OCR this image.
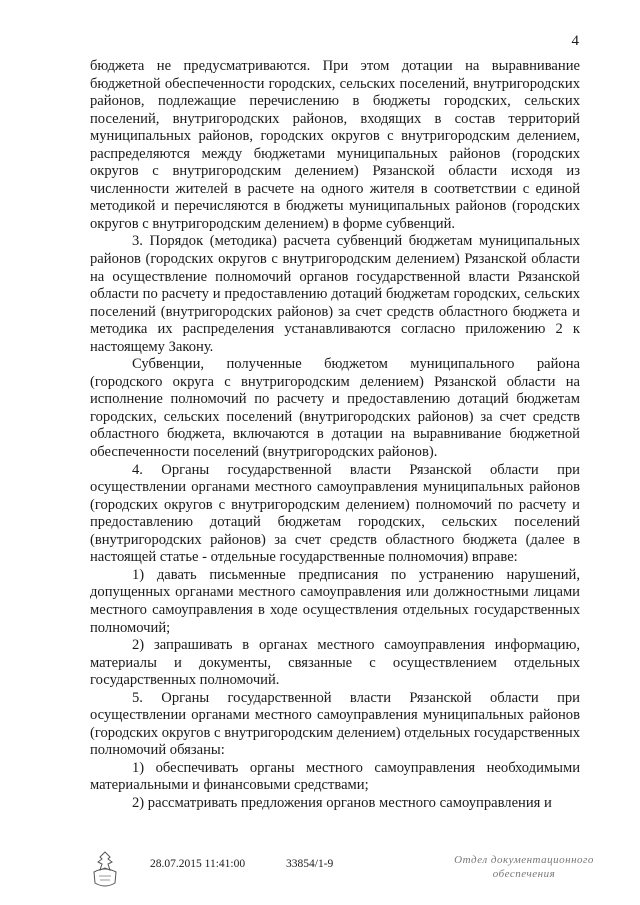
4

бюджета не предусматриваются. При этом дотации на выравнивание бюджетной обеспеченности городских, сельских поселений, внутригородских районов, подлежащие перечислению в бюджеты городских, сельских поселений, внутригородских районов, входящих в состав территорий муниципальных районов, городских округов с внутригородским делением, распределяются между бюджетами муниципальных районов (городских округов с внутригородским делением) Рязанской области исходя из численности жителей в расчете на одного жителя в соответствии с единой методикой и перечисляются в бюджеты муниципальных районов (городских округов с внутригородским делением) в форме субвенций.

3. Порядок (методика) расчета субвенций бюджетам муниципальных районов (городских округов с внутригородским делением) Рязанской области на осуществление полномочий органов государственной власти Рязанской области по расчету и предоставлению дотаций бюджетам городских, сельских поселений (внутригородских районов) за счет средств областного бюджета и методика их распределения устанавливаются согласно приложению 2 к настоящему Закону.

Субвенции, полученные бюджетом муниципального района (городского округа с внутригородским делением) Рязанской области на исполнение полномочий по расчету и предоставлению дотаций бюджетам городских, сельских поселений (внутригородских районов) за счет средств областного бюджета, включаются в дотации на выравнивание бюджетной обеспеченности поселений (внутригородских районов).

4. Органы государственной власти Рязанской области при осуществлении органами местного самоуправления муниципальных районов (городских округов с внутригородским делением) полномочий по расчету и предоставлению дотаций бюджетам городских, сельских поселений (внутригородских районов) за счет средств областного бюджета (далее в настоящей статье - отдельные государственные полномочия) вправе:

1) давать письменные предписания по устранению нарушений, допущенных органами местного самоуправления или должностными лицами местного самоуправления в ходе осуществления отдельных государственных полномочий;

2) запрашивать в органах местного самоуправления информацию, материалы и документы, связанные с осуществлением отдельных государственных полномочий.

5. Органы государственной власти Рязанской области при осуществлении органами местного самоуправления муниципальных районов (городских округов с внутригородским делением) отдельных государственных полномочий обязаны:

1) обеспечивать органы местного самоуправления необходимыми материальными и финансовыми средствами;

2) рассматривать предложения органов местного самоуправления и

28.07.2015 11:41:00	33854/1-9	Отдел документационного
обеспечения
